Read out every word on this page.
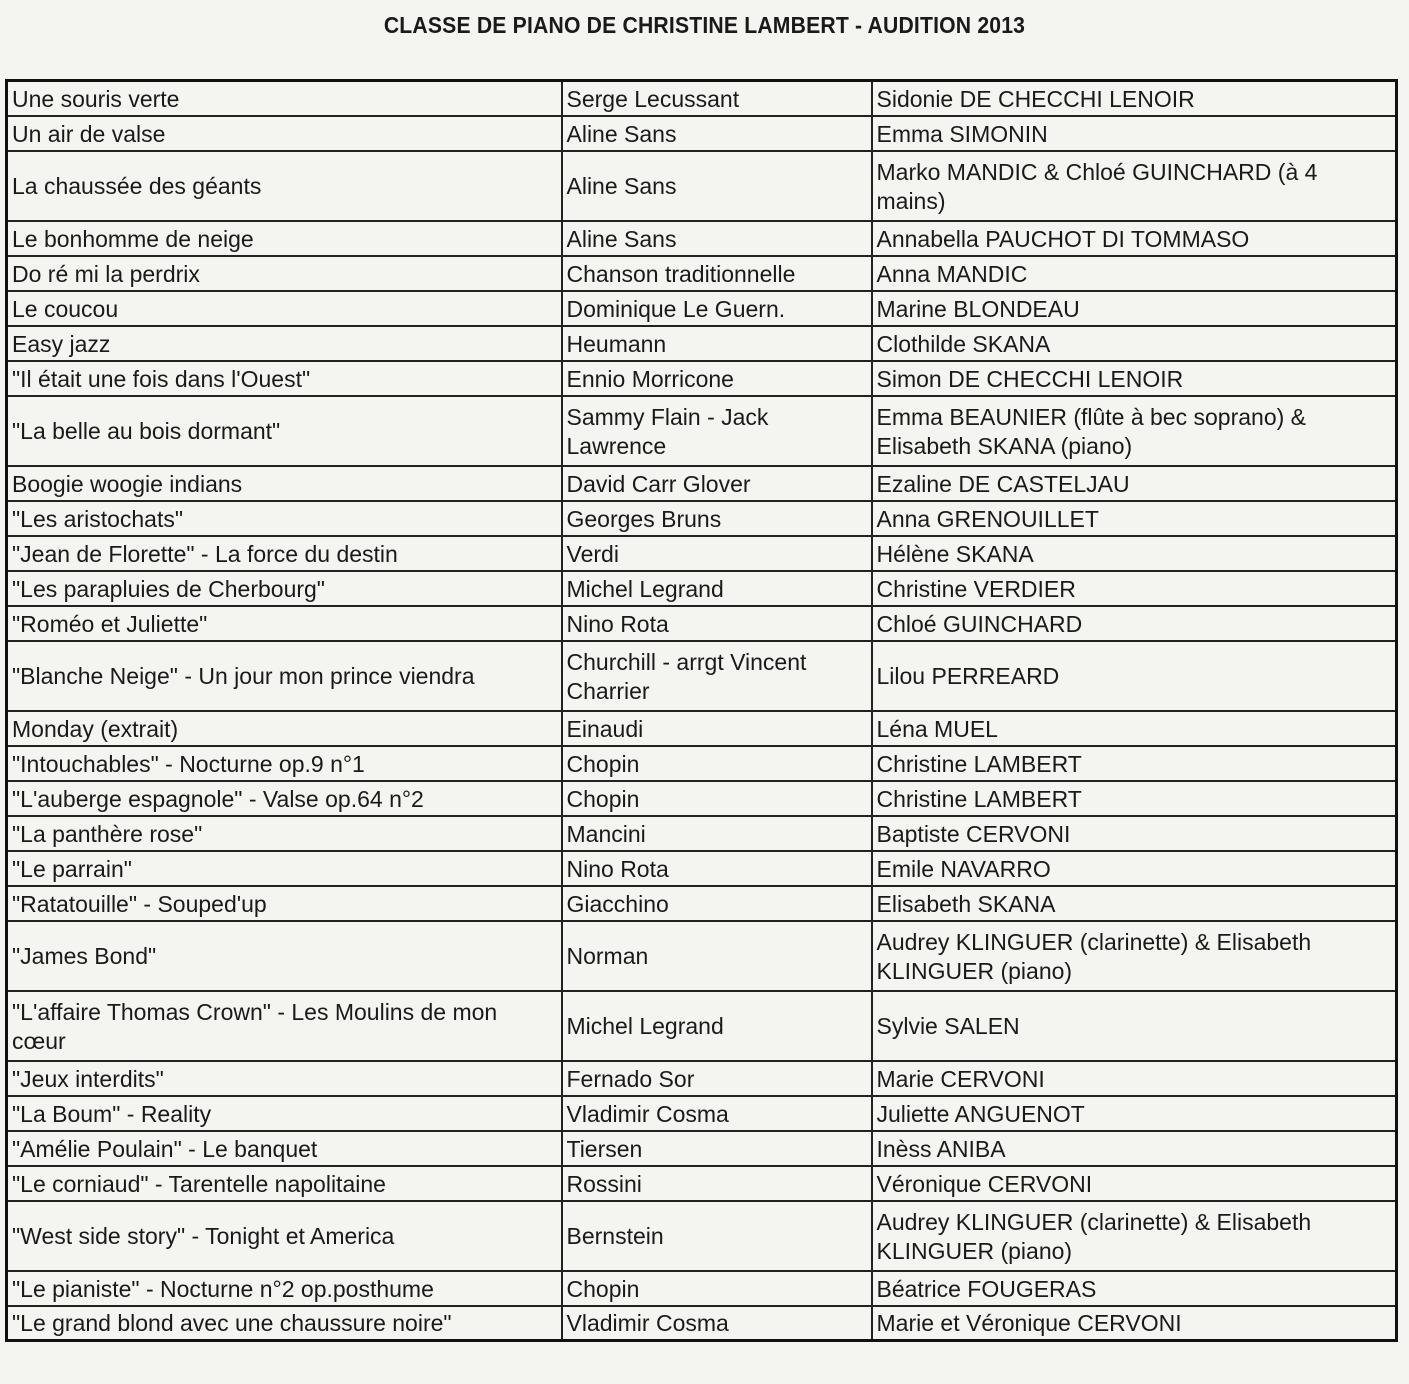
CLASSE DE PIANO DE CHRISTINE LAMBERT - AUDITION 2013
Une souris verte	Serge Lecussant	Sidonie DE CHECCHI LENOIR
Un air de valse	Aline Sans	Emma SIMONIN
La chaussée des géants	Aline Sans	Marko MANDIC & Chloé GUINCHARD (à 4 mains)
Le bonhomme de neige	Aline Sans	Annabella PAUCHOT DI TOMMASO
Do ré mi la perdrix	Chanson traditionnelle	Anna MANDIC
Le coucou	Dominique Le Guern.	Marine BLONDEAU
Easy jazz	Heumann	Clothilde SKANA
"Il était une fois dans l'Ouest"	Ennio Morricone	Simon DE CHECCHI LENOIR
"La belle au bois dormant"	Sammy Flain - Jack Lawrence	Emma BEAUNIER (flûte à bec soprano) & Elisabeth SKANA (piano)
Boogie woogie indians	David Carr Glover	Ezaline DE CASTELJAU
"Les aristochats"	Georges Bruns	Anna GRENOUILLET
"Jean de Florette" - La force du destin	Verdi	Hélène SKANA
"Les parapluies de Cherbourg"	Michel Legrand	Christine VERDIER
"Roméo et Juliette"	Nino Rota	Chloé GUINCHARD
"Blanche Neige" - Un jour mon prince viendra	Churchill - arrgt Vincent Charrier	Lilou PERREARD
Monday (extrait)	Einaudi	Léna MUEL
"Intouchables" - Nocturne op.9 n°1	Chopin	Christine LAMBERT
"L'auberge espagnole" - Valse op.64 n°2	Chopin	Christine LAMBERT
"La panthère rose"	Mancini	Baptiste CERVONI
"Le parrain"	Nino Rota	Emile NAVARRO
"Ratatouille" - Souped'up	Giacchino	Elisabeth SKANA
"James Bond"	Norman	Audrey KLINGUER (clarinette) & Elisabeth KLINGUER (piano)
"L'affaire Thomas Crown" - Les Moulins de mon cœur	Michel Legrand	Sylvie SALEN
"Jeux interdits"	Fernado Sor	Marie CERVONI
"La Boum" - Reality	Vladimir Cosma	Juliette ANGUENOT
"Amélie Poulain" - Le banquet	Tiersen	Inèss ANIBA
"Le corniaud" - Tarentelle napolitaine	Rossini	Véronique CERVONI
"West side story" - Tonight et America	Bernstein	Audrey KLINGUER (clarinette) & Elisabeth KLINGUER (piano)
"Le pianiste" - Nocturne n°2 op.posthume	Chopin	Béatrice FOUGERAS
"Le grand blond avec une chaussure noire"	Vladimir Cosma	Marie et Véronique CERVONI
